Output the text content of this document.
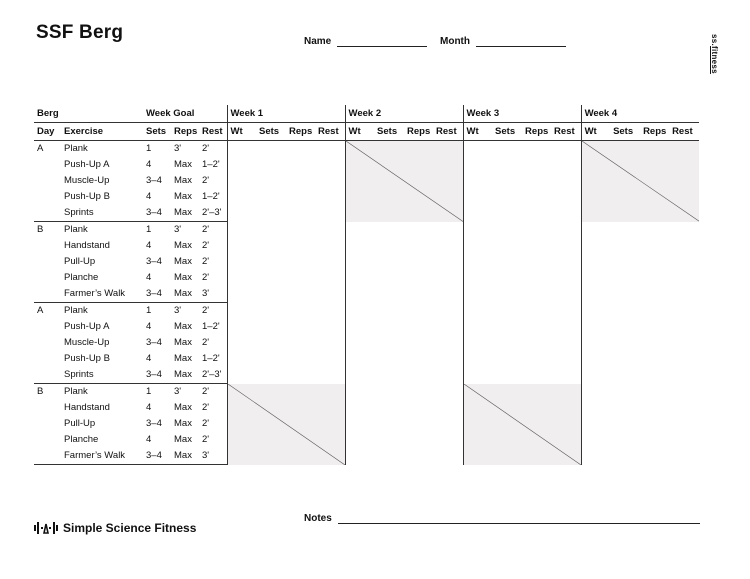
SSF Berg	Name	Month	ss.fitness
Berg		Week Goal			Week 1				Week 2				Week 3				Week 4			
Day	Exercise	Sets	Reps	Rest	Wt	Sets	Reps	Rest	Wt	Sets	Reps	Rest	Wt	Sets	Reps	Rest	Wt	Sets	Reps	Rest
A	Plank	1	3'	2'		

	Push-Up A	4	Max	1–2'																
	Muscle-Up	3–4	Max	2'																
	Push-Up B	4	Max	1–2'																
	Sprints	3–4	Max	2'–3'																
B	Plank	1	3'	2'																
	Handstand	4	Max	2'																
	Pull-Up	3–4	Max	2'																
	Planche	4	Max	2'																
	Farmer’s Walk	3–4	Max	3'																
A	Plank	1	3'	2'																
	Push-Up A	4	Max	1–2'																
	Muscle-Up	3–4	Max	2'																
	Push-Up B	4	Max	1–2'																
	Sprints	3–4	Max	2'–3'																
B	Plank	1	3'	2'	

	Handstand	4	Max	2'																
	Pull-Up	3–4	Max	2'																
	Planche	4	Max	2'																
	Farmer’s Walk	3–4	Max	3'																
Notes
Simple Science Fitness
